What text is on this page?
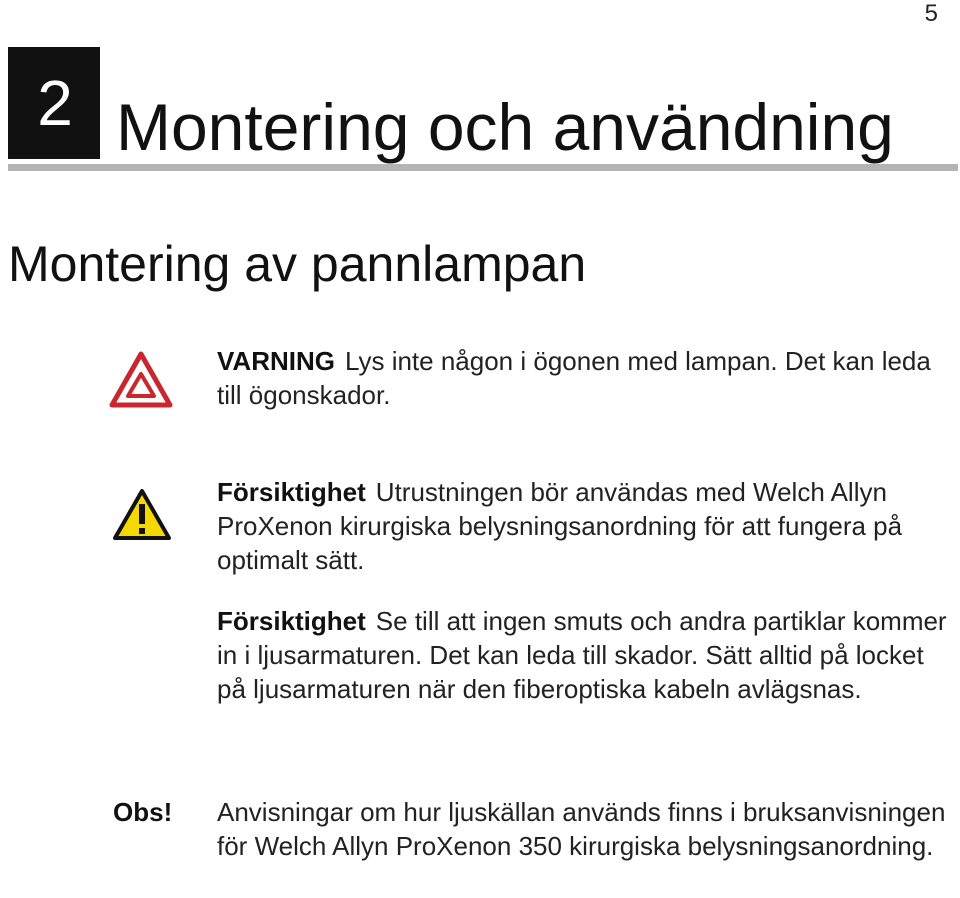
5
2 Montering och användning
Montering av pannlampan
VARNING Lys inte någon i ögonen med lampan. Det kan leda till ögonskador.
Försiktighet Utrustningen bör användas med Welch Allyn ProXenon kirurgiska belysningsanordning för att fungera på optimalt sätt.
Försiktighet Se till att ingen smuts och andra partiklar kommer in i ljusarmaturen. Det kan leda till skador. Sätt alltid på locket på ljusarmaturen när den fiberoptiska kabeln avlägsnas.
Obs! Anvisningar om hur ljuskällan används finns i bruksanvisningen för Welch Allyn ProXenon 350 kirurgiska belysningsanordning.
